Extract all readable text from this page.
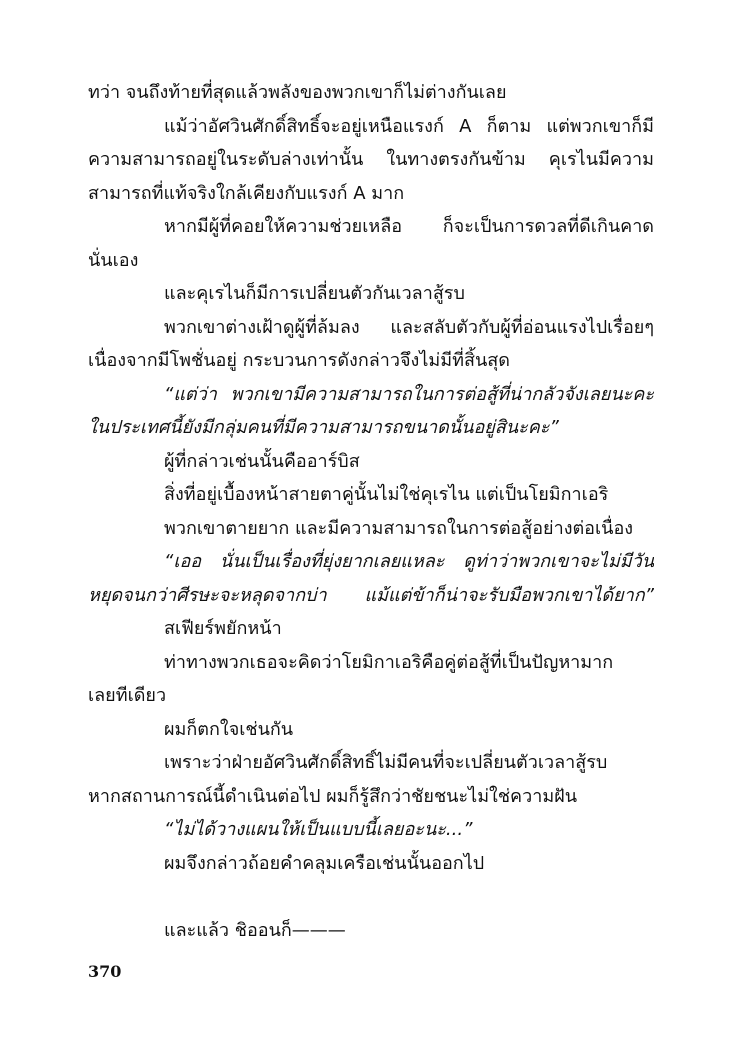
ทว่า จนถึงท้ายที่สุดแล้วพลังของพวกเขาก็ไม่ต่างกันเลย
แม้ว่าอัศวินศักดิ์สิทธิ์จะอยู่เหนือแรงก์ A ก็ตาม แต่พวกเขาก็มี
ความสามารถอยู่ในระดับล่างเท่านั้น ในทางตรงกันข้าม คุเรไนมีความ
สามารถที่แท้จริงใกล้เคียงกับแรงก์ A มาก
หากมีผู้ที่คอยให้ความช่วยเหลือ ก็จะเป็นการดวลที่ดีเกินคาด
นั่นเอง
และคุเรไนก็มีการเปลี่ยนตัวกันเวลาสู้รบ
พวกเขาต่างเฝ้าดูผู้ที่ล้มลง และสลับตัวกับผู้ที่อ่อนแรงไปเรื่อยๆ
เนื่องจากมีโพชั่นอยู่ กระบวนการดังกล่าวจึงไม่มีที่สิ้นสุด
“แต่ว่า พวกเขามีความสามารถในการต่อสู้ที่น่ากลัวจังเลยนะคะ
ในประเทศนี้ยังมีกลุ่มคนที่มีความสามารถขนาดนั้นอยู่สินะคะ”
ผู้ที่กล่าวเช่นนั้นคืออาร์บิส
สิ่งที่อยู่เบื้องหน้าสายตาคู่นั้นไม่ใช่คุเรไน แต่เป็นโยมิกาเอริ
พวกเขาตายยาก และมีความสามารถในการต่อสู้อย่างต่อเนื่อง
“เออ นั่นเป็นเรื่องที่ยุ่งยากเลยแหละ ดูท่าว่าพวกเขาจะไม่มีวัน
หยุดจนกว่าศีรษะจะหลุดจากบ่า แม้แต่ข้าก็น่าจะรับมือพวกเขาได้ยาก”
สเฟียร์พยักหน้า
ท่าทางพวกเธอจะคิดว่าโยมิกาเอริคือคู่ต่อสู้ที่เป็นปัญหามาก
เลยทีเดียว
ผมก็ตกใจเช่นกัน
เพราะว่าฝ่ายอัศวินศักดิ์สิทธิ์ไม่มีคนที่จะเปลี่ยนตัวเวลาสู้รบ
หากสถานการณ์นี้ดำเนินต่อไป ผมก็รู้สึกว่าชัยชนะไม่ใช่ความฝัน
“ไม่ได้วางแผนให้เป็นแบบนี้เลยอะนะ...”
ผมจึงกล่าวถ้อยคำคลุมเครือเช่นนั้นออกไป
และแล้ว ชิออนก็———
370
